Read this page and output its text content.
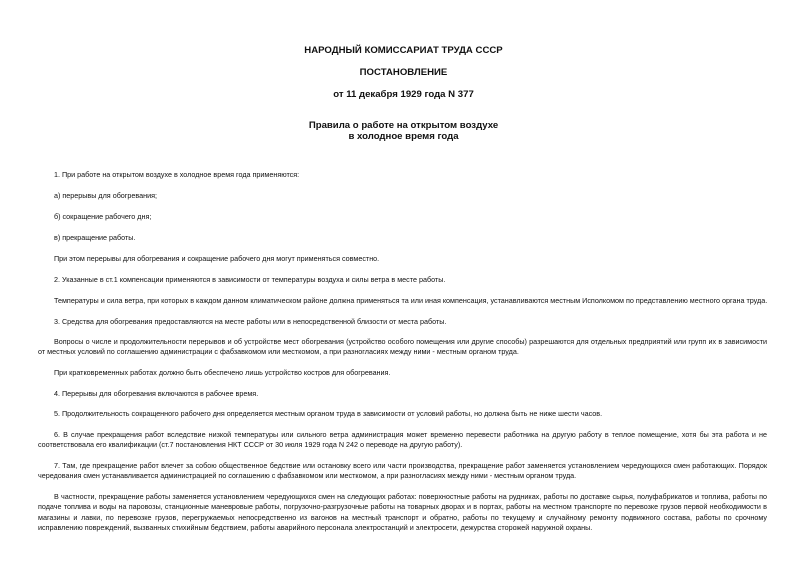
НАРОДНЫЙ КОМИССАРИАТ ТРУДА СССР
ПОСТАНОВЛЕНИЕ
от 11 декабря 1929 года N 377
Правила о работе на открытом воздухе
в холодное время года
1. При работе на открытом воздухе в холодное время года применяются:
а) перерывы для обогревания;
б) сокращение рабочего дня;
в) прекращение работы.
При этом перерывы для обогревания и сокращение рабочего дня могут применяться совместно.
2. Указанные в ст.1 компенсации применяются в зависимости от температуры воздуха и силы ветра в месте работы.
Температуры и сила ветра, при которых в каждом данном климатическом районе должна применяться та или иная компенсация, устанавливаются местным Исполкомом по представлению местного органа труда.
3. Средства для обогревания предоставляются на месте работы или в непосредственной близости от места работы.
Вопросы о числе и продолжительности перерывов и об устройстве мест обогревания (устройство особого помещения или другие способы) разрешаются для отдельных предприятий или групп их в зависимости от местных условий по соглашению администрации с фабзавкомом или месткомом, а при разногласиях между ними - местным органом труда.
При кратковременных работах должно быть обеспечено лишь устройство костров для обогревания.
4. Перерывы для обогревания включаются в рабочее время.
5. Продолжительность сокращенного рабочего дня определяется местным органом труда в зависимости от условий работы, но должна быть не ниже шести часов.
6. В случае прекращения работ вследствие низкой температуры или сильного ветра администрация может временно перевести работника на другую работу в теплое помещение, хотя бы эта работа и не соответствовала его квалификации (ст.7 постановления НКТ СССР от 30 июля 1929 года N 242 о переводе на другую работу).
7. Там, где прекращение работ влечет за собою общественное бедствие или остановку всего или части производства, прекращение работ заменяется установлением чередующихся смен работающих. Порядок чередования смен устанавливается администрацией по соглашению с фабзавкомом или месткомом, а при разногласиях между ними - местным органом труда.
В частности, прекращение работы заменяется установлением чередующихся смен на следующих работах: поверхностные работы на рудниках, работы по доставке сырья, полуфабрикатов и топлива, работы по подаче топлива и воды на паровозы, станционные маневровые работы, погрузочно-разгрузочные работы на товарных дворах и в портах, работы на местном транспорте по перевозке грузов первой необходимости в магазины и лавки, по перевозке грузов, перегружаемых непосредственно из вагонов на местный транспорт и обратно, работы по текущему и случайному ремонту подвижного состава, работы по срочному исправлению повреждений, вызванных стихийным бедствием, работы аварийного персонала электростанций и электросети, дежурства сторожей наружной охраны.
